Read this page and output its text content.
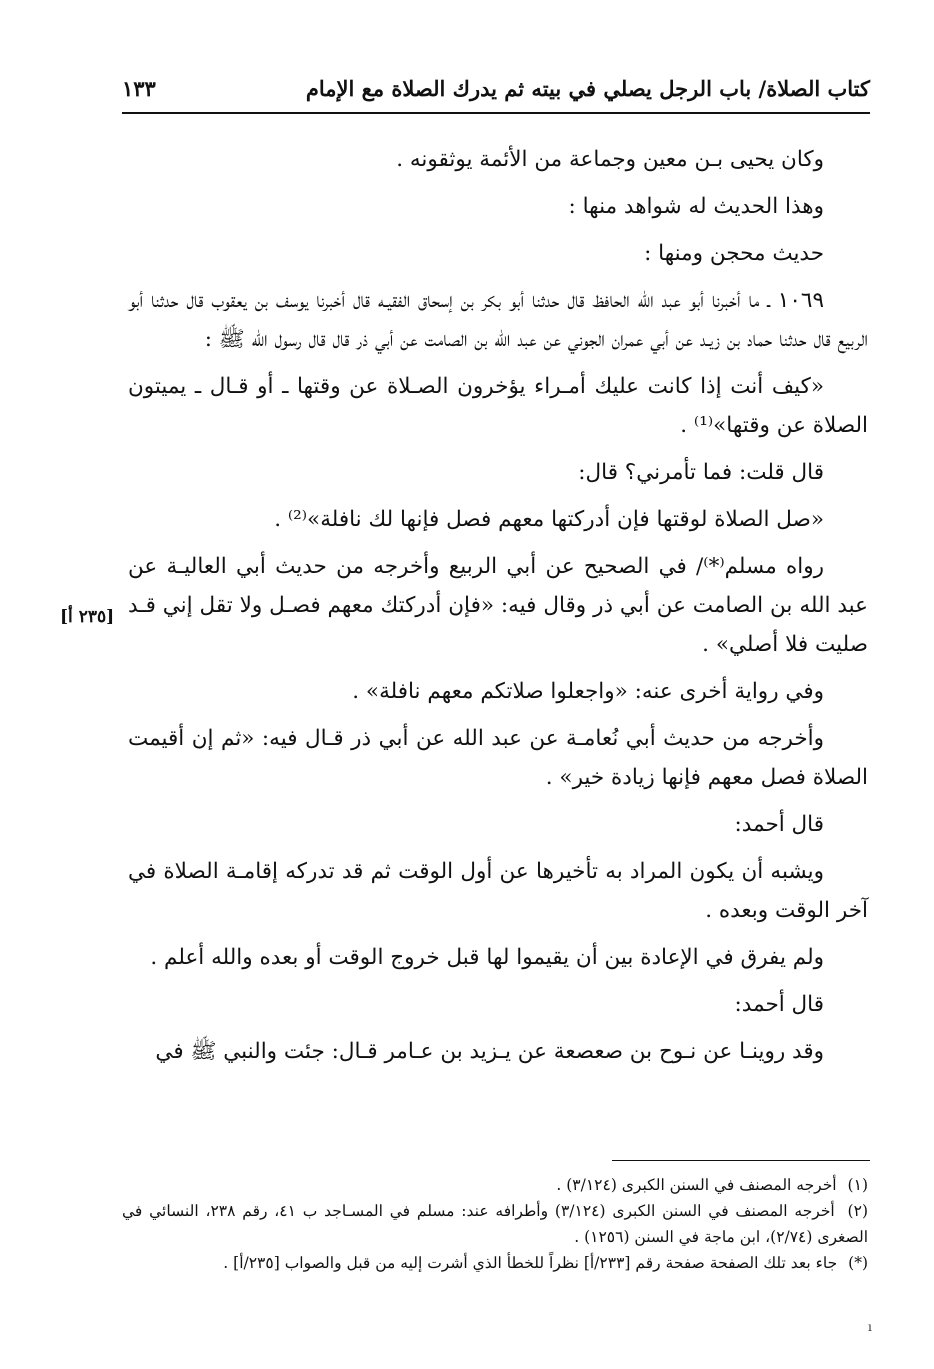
كتاب الصلاة/ باب الرجل يصلي في بيته ثم يدرك الصلاة مع الإمام
١٣٣

وكان يحيى بـن معين وجماعة من الأئمة يوثقونه .

وهذا الحديث له شواهد منها :

حديث محجن ومنها :

١٠٦٩ ـ ما أخبرنا أبو عبد الله الحافظ قال حدثنا أبو بكر بن إسحاق الفقيـه قال أخبرنا يوسف بن يعقوب قال حدثنا أبو الربيع قال حدثنا حماد بن زيـد عن أبي عمران الجوني عن عبد الله بن الصامت عن أبي ذر قال قال رسول الله ﷺ :

«كيف أنت إذا كانت عليك أمـراء يؤخرون الصـلاة عن وقتها ـ أو قـال ـ يميتون الصلاة عن وقتها»⁽¹⁾ .

قال قلت: فما تأمرني؟ قال:

«صل الصلاة لوقتها فإن أدركتها معهم فصل فإنها لك نافلة»⁽²⁾ .

رواه مسلم⁽*⁾/ في الصحيح عن أبي الربيع وأخرجه من حديث أبي العاليـة عن عبد الله بن الصامت عن أبي ذر وقال فيه: «فإن أدركتك معهم فصـل ولا تقل إني قـد صليت فلا أصلي» .

وفي رواية أخرى عنه: «واجعلوا صلاتكم معهم نافلة» .

وأخرجه من حديث أبي نُعامـة عن عبد الله عن أبي ذر قـال فيه: «ثم إن أقيمت الصلاة فصل معهم فإنها زيادة خير» .

قال أحمد:

ويشبه أن يكون المراد به تأخيرها عن أول الوقت ثم قد تدركه إقامـة الصلاة في آخر الوقت وبعده .

ولم يفرق في الإعادة بين أن يقيموا لها قبل خروج الوقت أو بعده والله أعلم .

قال أحمد:

وقد روينـا عن نـوح بن صعصعة عن يـزيد بن عـامر قـال: جئت والنبي ﷺ في

[٢٣٥ أ]

(١) أخرجه المصنف في السنن الكبرى (٣/١٢٤) .

(٢) أخرجه المصنف في السنن الكبرى (٣/١٢٤) وأطرافه عند: مسلم في المسـاجد ب ٤١، رقم ٢٣٨، النسائي في الصغرى (٢/٧٤)، ابن ماجة في السنن (١٢٥٦) .

(*) جاء بعد تلك الصفحة صفحة رقم [٢٣٣/أ] نظراً للخطأ الذي أشرت إليه من قبل والصواب [٢٣٥/أ] .

ı
